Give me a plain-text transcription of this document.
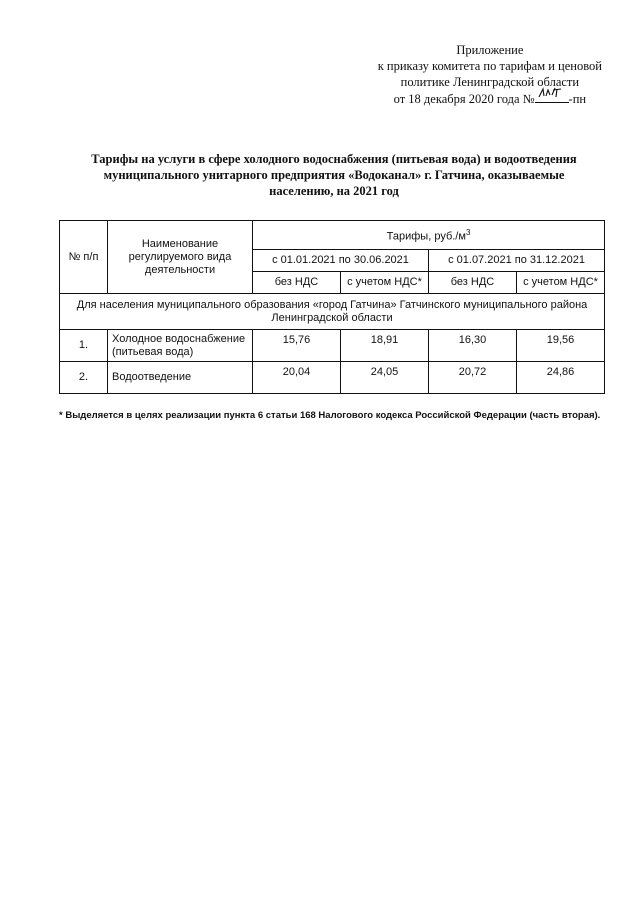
Приложение
к приказу комитета по тарифам и ценовой
политике Ленинградской области
от 18 декабря 2020 года №	-пн
Тарифы на услуги в сфере холодного водоснабжения (питьевая вода) и водоотведения
муниципального унитарного предприятия «Водоканал» г. Гатчина, оказываемые
населению, на 2021 год
№ п/п	Наименование регулируемого вида деятельности	Тарифы, $руб./м^3$
		с 01.01.2021 по 30.06.2021		с 01.07.2021 по 31.12.2021	
		без НДС	с учетом НДС*	без НДС	с учетом НДС*
Для населения муниципального образования «город Гатчина» Гатчинского муниципального района Ленинградской области					
1.	Холодное водоснабжение (питьевая вода)	15,76	18,91	16,30	19,56
2.	Водоотведение	20,04	24,05	20,72	24,86
* Выделяется в целях реализации пункта 6 статьи 168 Налогового кодекса Российской Федерации (часть вторая).
